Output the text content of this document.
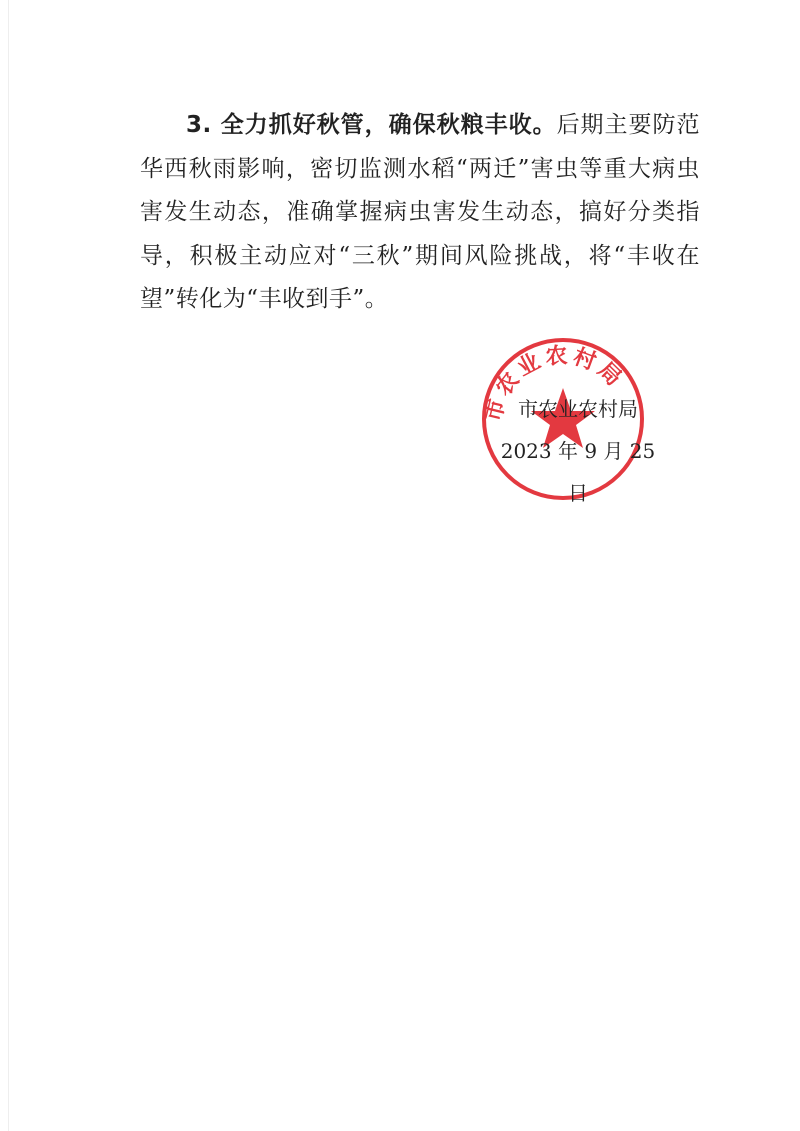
3. 全力抓好秋管，确保秋粮丰收。后期主要防范华西秋雨影响，密切监测水稻“两迁”害虫等重大病虫害发生动态，准确掌握病虫害发生动态，搞好分类指导，积极主动应对“三秋”期间风险挑战，将“丰收在望”转化为“丰收到手”。

市农业农村局
市农业农村局
2023 年 9 月 25 日
